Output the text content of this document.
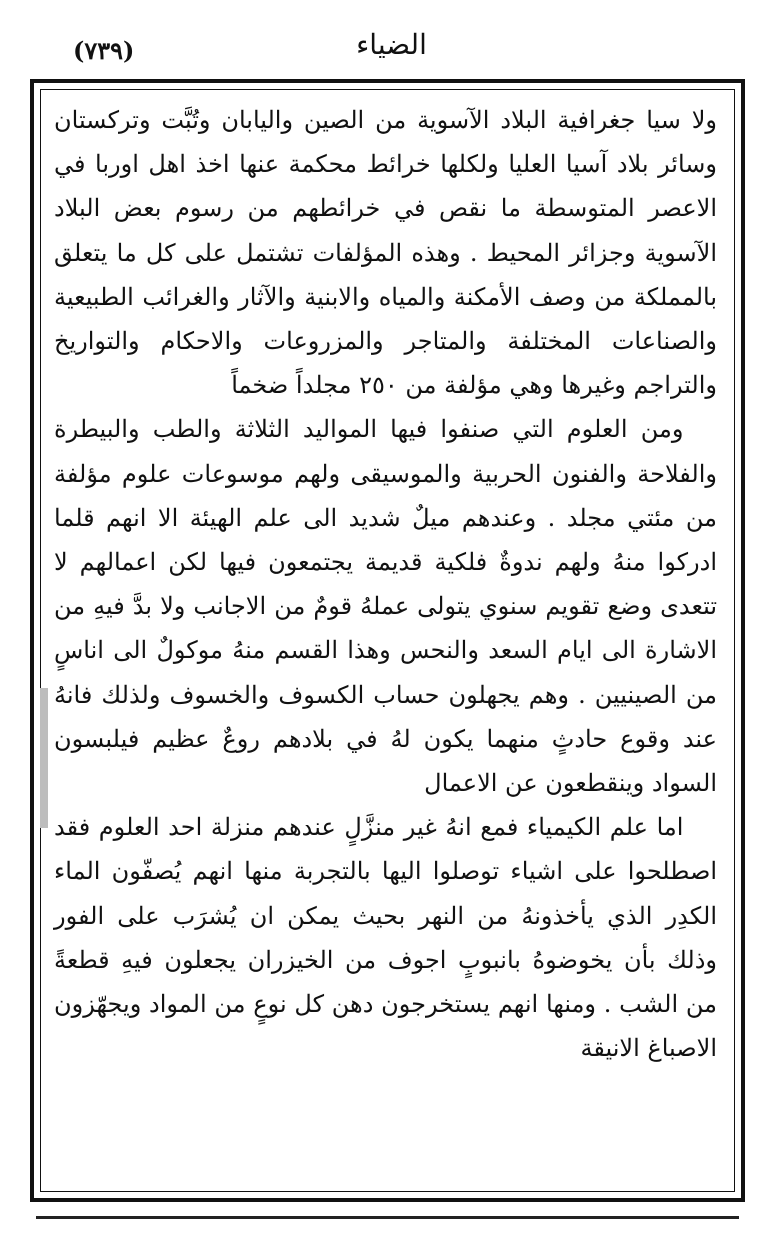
(٧٣٩)	الضياء

ولا سيا جغرافية البلاد الآسوية من الصين واليابان وتُبَّت وتركستان وسائر بلاد آسيا العليا ولكلها خرائط محكمة عنها اخذ اهل اوربا في الاعصر المتوسطة ما نقص في خرائطهم من رسوم بعض البلاد الآسوية وجزائر المحيط . وهذه المؤلفات تشتمل على كل ما يتعلق بالمملكة من وصف الأمكنة والمياه والابنية والآثار والغرائب الطبيعية والصناعات المختلفة والمتاجر والمزروعات والاحكام والتواريخ والتراجم وغيرها وهي مؤلفة من ٢٥٠ مجلداً ضخماً

ومن العلوم التي صنفوا فيها المواليد الثلاثة والطب والبيطرة والفلاحة والفنون الحربية والموسيقى ولهم موسوعات علوم مؤلفة من مئتي مجلد . وعندهم ميلٌ شديد الى علم الهيئة الا انهم قلما ادركوا منهُ ولهم ندوةٌ فلكية قديمة يجتمعون فيها لكن اعمالهم لا تتعدى وضع تقويم سنوي يتولى عملهُ قومٌ من الاجانب ولا بدَّ فيهِ من الاشارة الى ايام السعد والنحس وهذا القسم منهُ موكولٌ الى اناسٍ من الصينيين . وهم يجهلون حساب الكسوف والخسوف ولذلك فانهُ عند وقوع حادثٍ منهما يكون لهُ في بلادهم روعٌ عظيم فيلبسون السواد وينقطعون عن الاعمال

اما علم الكيمياء فمع انهُ غير منزَّلٍ عندهم منزلة احد العلوم فقد اصطلحوا على اشياء توصلوا اليها بالتجربة منها انهم يُصفّون الماء الكدِر الذي يأخذونهُ من النهر بحيث يمكن ان يُشرَب على الفور وذلك بأن يخوضوهُ بانبوبٍ اجوف من الخيزران يجعلون فيهِ قطعةً من الشب . ومنها انهم يستخرجون دهن كل نوعٍ من المواد ويجهّزون الاصباغ الانيقة
